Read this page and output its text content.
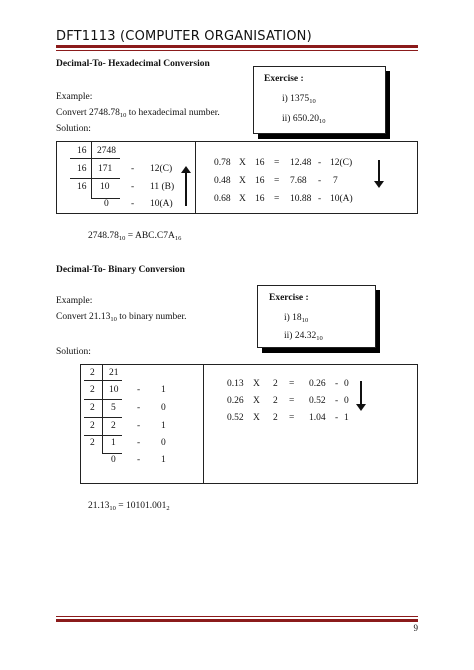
DFT1113 (COMPUTER ORGANISATION)
Decimal-To- Hexadecimal Conversion
Exercise :
i) $1375_{10}$
ii) $650.20_{10}$
Example:
Convert $2748.78_{10}$ to hexadecimal number.
Solution:
16 2748
16 171 - 12(C)
16 10 - 11 (B)
0 - 10(A)
0.78 X 16 = 12.48 - 12(C)
0.48 X 16 = 7.68 - 7
0.68 X 16 = 10.88 - 10(A)
$2748.78_{10} = ABC.C7A_{16}$
Decimal-To- Binary Conversion
Exercise :
i) $18_{10}$
ii) $24.32_{10}$
Example:
Convert $21.13_{10}$ to binary number.
Solution:
2 21
2 10 - 1
2 5 - 0
2 2 - 1
2 1 - 0
0 - 1
0.13 X 2 = 0.26 - 0
0.26 X 2 = 0.52 - 0
0.52 X 2 = 1.04 - 1
$21.13_{10} = 10101.001_2$
9
